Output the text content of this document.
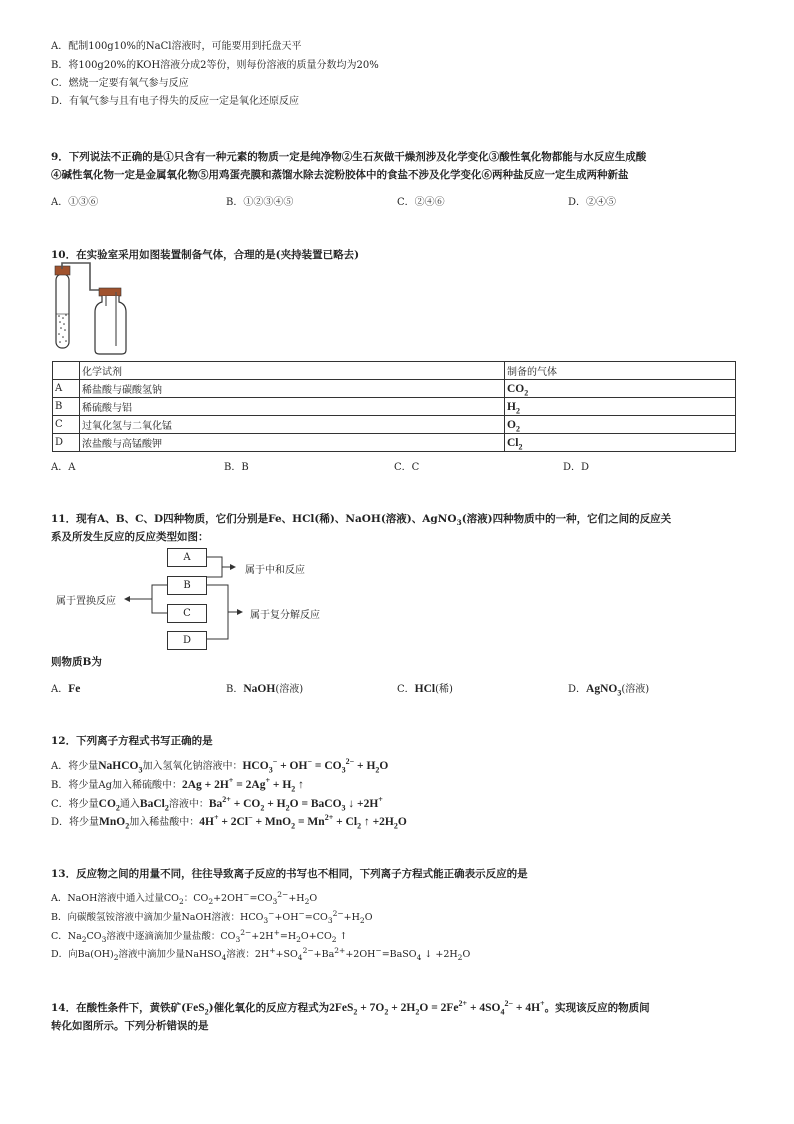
A．配制100g10%的NaCl溶液时，可能要用到托盘天平
B．将100g20%的KOH溶液分成2等份，则每份溶液的质量分数均为20%
C．燃烧一定要有氧气参与反应
D．有氧气参与且有电子得失的反应一定是氧化还原反应
9．下列说法不正确的是①只含有一种元素的物质一定是纯净物②生石灰做干燥剂涉及化学变化③酸性氧化物都能与水反应生成酸
④碱性氧化物一定是金属氧化物⑤用鸡蛋壳膜和蒸馏水除去淀粉胶体中的食盐不涉及化学变化⑥两种盐反应一定生成两种新盐
A．①③⑥	B．①②③④⑤	C．②④⑥	D．②④⑤
10．在实验室采用如图装置制备气体，合理的是(夹持装置已略去)
	化学试剂	制备的气体
A	稀盐酸与碳酸氢钠	$CO_2$
B	稀硫酸与铝	$H_2$
C	过氧化氢与二氧化锰	$O_2$
D	浓盐酸与高锰酸钾	$Cl_2$
A．A	B．B	C．C	D．D
11．现有A、B、C、D四种物质，它们分别是Fe、HCl(稀)、NaOH(溶液)、AgNO$_3$(溶液)四种物质中的一种，它们之间的反应关
系及所发生反应的反应类型如图：
A
B
C
D
属于中和反应
属于置换反应
属于复分解反应
则物质B为
A．Fe	B．NaOH(溶液)	C．HCl(稀)	D．AgNO$_3$(溶液)
12．下列离子方程式书写正确的是
A．将少量NaHCO$_3$加入氢氧化钠溶液中：$HCO_3^- + OH^- = CO_3^{2-} + H_2O$
B．将少量Ag加入稀硫酸中：$2Ag + 2H^+ = 2Ag^+ + H_2$ ↑
C．将少量$CO_2$通入BaCl$_2$溶液中：$Ba^{2+} + CO_2 + H_2O$ = BaCO$_3$ ↓ +2H+
D．将少量MnO$_2$加入稀盐酸中：$4H^+ + 2Cl^- + MnO_2 = Mn^{2+} + Cl_2$ ↑ $+2H_2O$
13．反应物之间的用量不同，往往导致离子反应的书写也不相同，下列离子方程式能正确表示反应的是
A．NaOH溶液中通入过量$CO_2$：$CO_2+2OH^-=CO_3^{2-}+H_2O$
B．向碳酸氢铵溶液中滴加少量NaOH溶液：$HCO_3^-+OH^-=CO_3^{2-}+H_2O$
C．$Na_2CO_3$溶液中逐滴滴加少量盐酸：$CO_3^{2-}+2H^+=H_2O+CO_2$ ↑
D．向$Ba(OH)_2$溶液中滴加少量NaHSO$_4$溶液：$2H^++SO_4^{2-}+Ba^{2+}+2OH^-=BaSO_4$ ↓ $+2H_2O$
14．在酸性条件下，黄铁矿(FeS$_2$)催化氧化的反应方程式为$2FeS_2 + 7O_2 + 2H_2O = 2Fe^{2+} + 4SO_4^{2-} + 4H^+$。实现该反应的物质间
转化如图所示。下列分析错误的是
